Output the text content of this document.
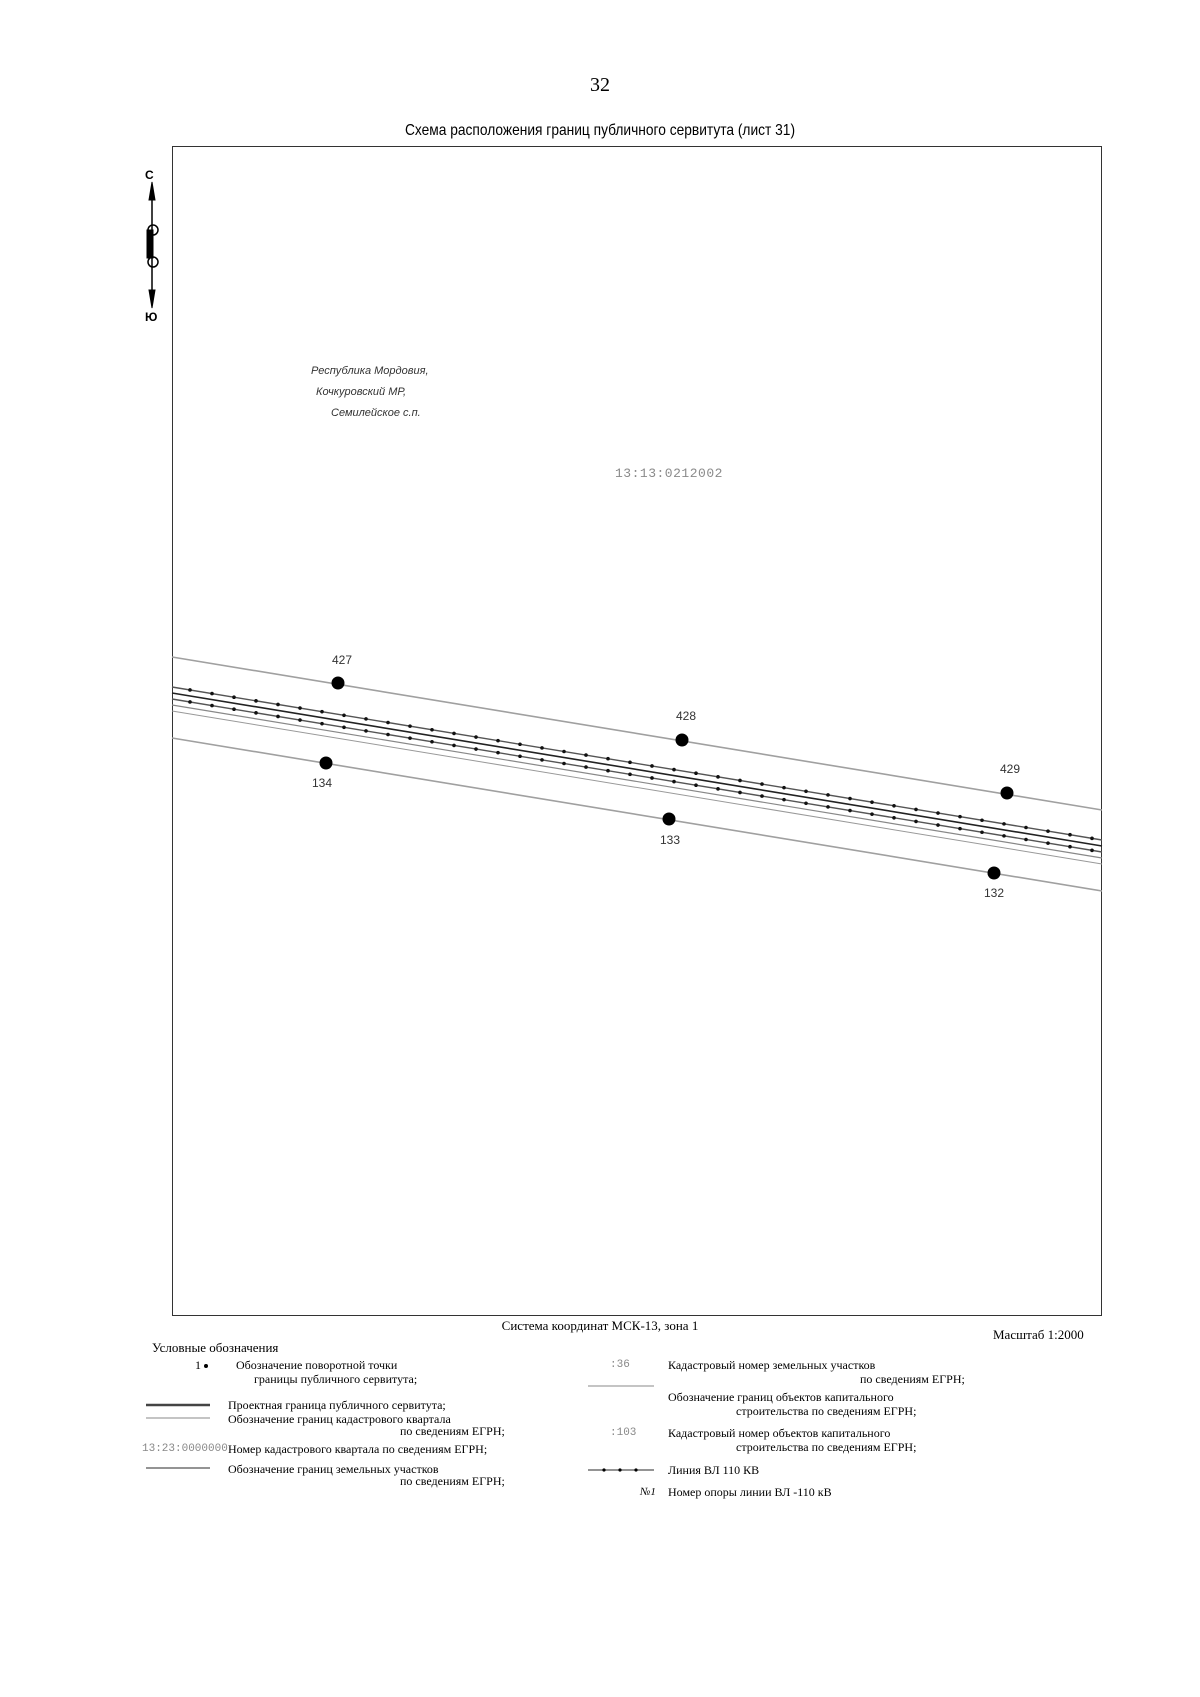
32
Схема расположения границ публичного сервитута (лист 31)
С
Ю
Республика Мордовия,
Кочкуровский МР,
Семилейское с.п.
13:13:0212002
427
428
429
134
133
132
Система координат МСК-13, зона 1
Масштаб 1:2000
Условные обозначения
1	Обозначение поворотной точки
границы публичного сервитута;
Проектная граница публичного сервитута;
Обозначение границ кадастрового квартала
по сведениям ЕГРН;
13:23:0000000 Номер кадастрового квартала по сведениям ЕГРН;
Обозначение границ земельных участков
по сведениям ЕГРН;
:36	Кадастровый номер земельных участков
по сведениям ЕГРН;
Обозначение границ объектов капитального
строительства по сведениям ЕГРН;
:103	Кадастровый номер объектов капитального
строительства по сведениям ЕГРН;
Линия ВЛ 110 КВ
№1 Номер опоры линии ВЛ -110 кВ
